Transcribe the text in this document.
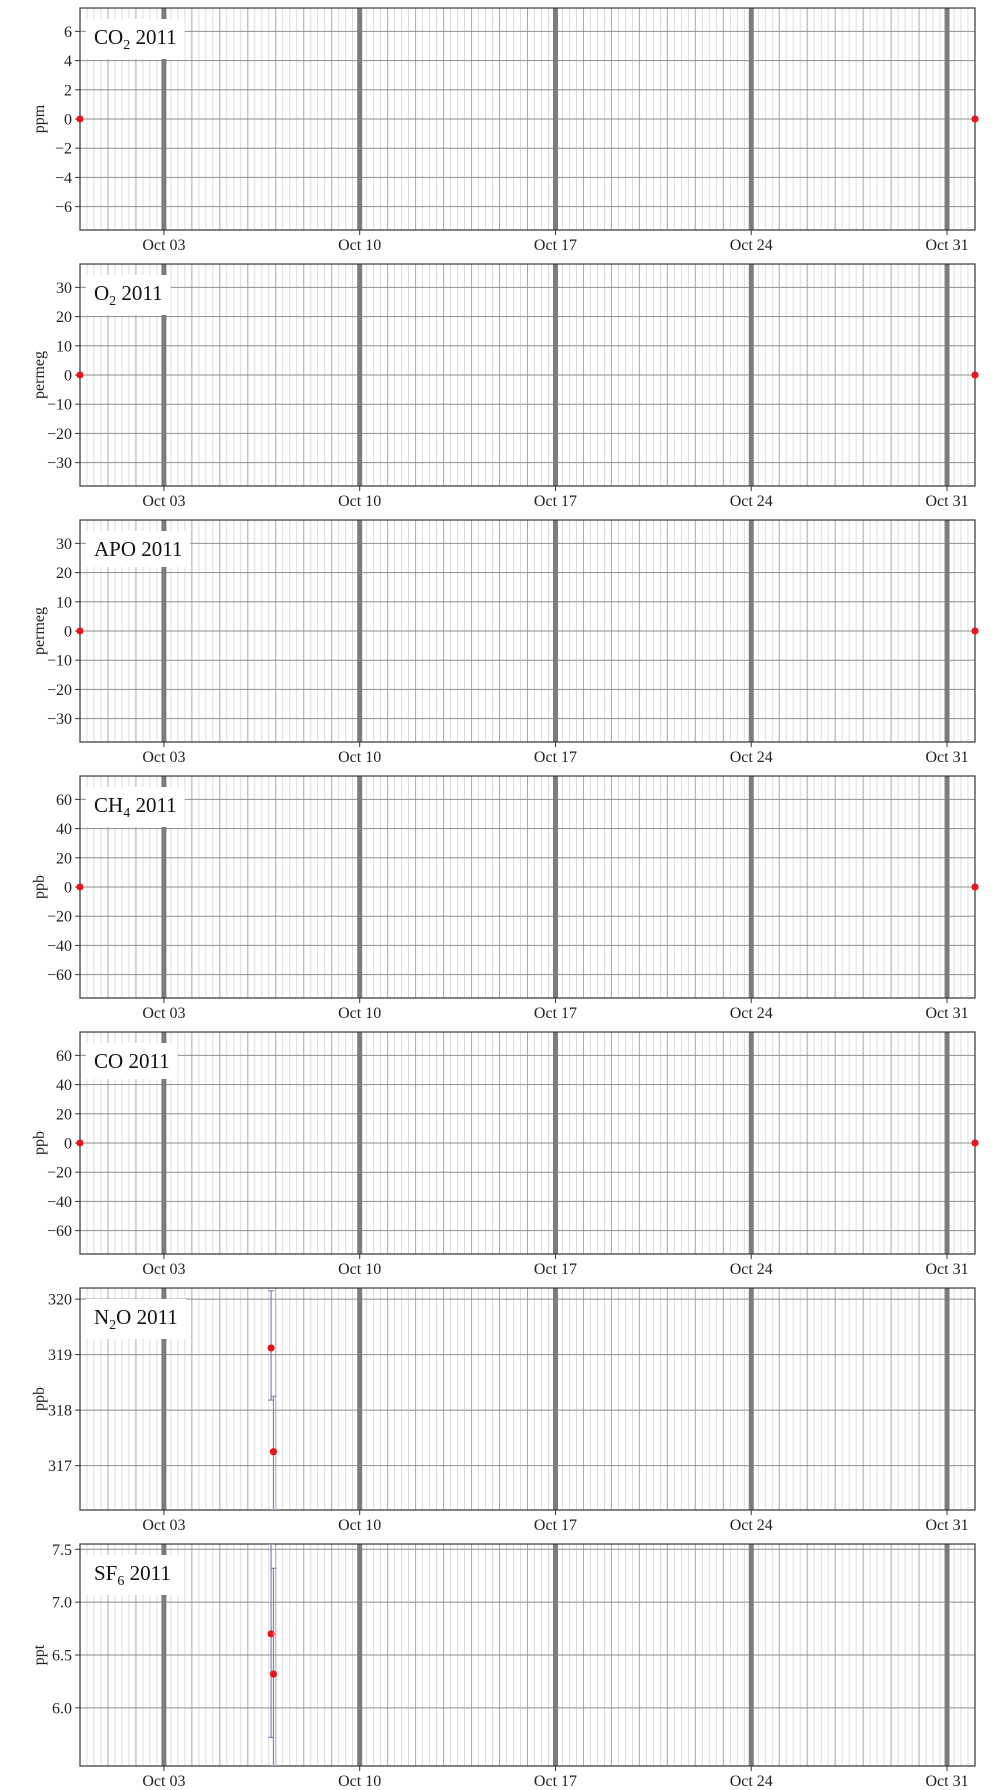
−6
−4
−2
0
2
4
6
Oct 03	Oct 10	Oct 17	Oct 24	Oct 31
ppm
$CO_2$ 2011
−30
−20
−10
0
10
20
30
Oct 03	Oct 10	Oct 17	Oct 24	Oct 31
permeg
$O_2$ 2011
−30
−20
−10
0
10
20
30
Oct 03	Oct 10	Oct 17	Oct 24	Oct 31
permeg
APO 2011
−60
−40
−20
0
20
40
60
Oct 03	Oct 10	Oct 17	Oct 24	Oct 31
ppb
$CH_4$ 2011
−60
−40
−20
0
20
40
60
Oct 03	Oct 10	Oct 17	Oct 24	Oct 31
ppb
CO 2011
317
318
319
320
Oct 03	Oct 10	Oct 17	Oct 24	Oct 31
ppb
$N_2O$ 2011
6.0
6.5
7.0
7.5
Oct 03	Oct 10	Oct 17	Oct 24	Oct 31
ppt
$SF_6$ 2011
